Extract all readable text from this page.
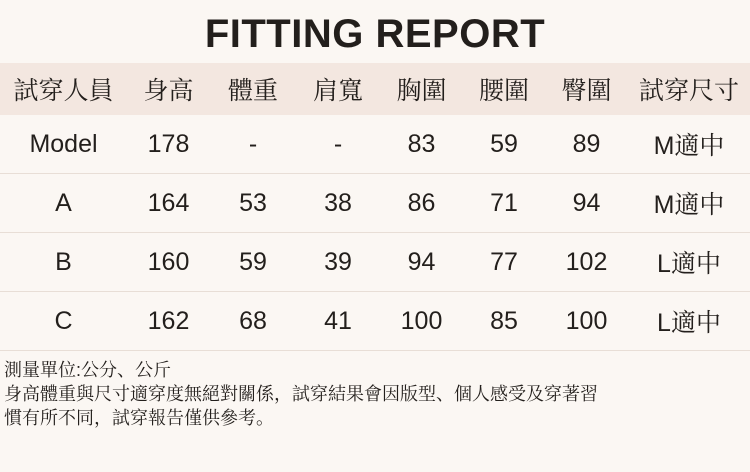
FITTING REPORT
試穿人員	身高	體重	肩寬	胸圍	腰圍	臀圍	試穿尺寸
Model	178	-	-	83	59	89	M適中
A	164	53	38	86	71	94	M適中
B	160	59	39	94	77	102	L適中
C	162	68	41	100	85	100	L適中
測量單位:公分、公斤
身高體重與尺寸適穿度無絕對關係，試穿結果會因版型、個人感受及穿著習
慣有所不同，試穿報告僅供參考。
